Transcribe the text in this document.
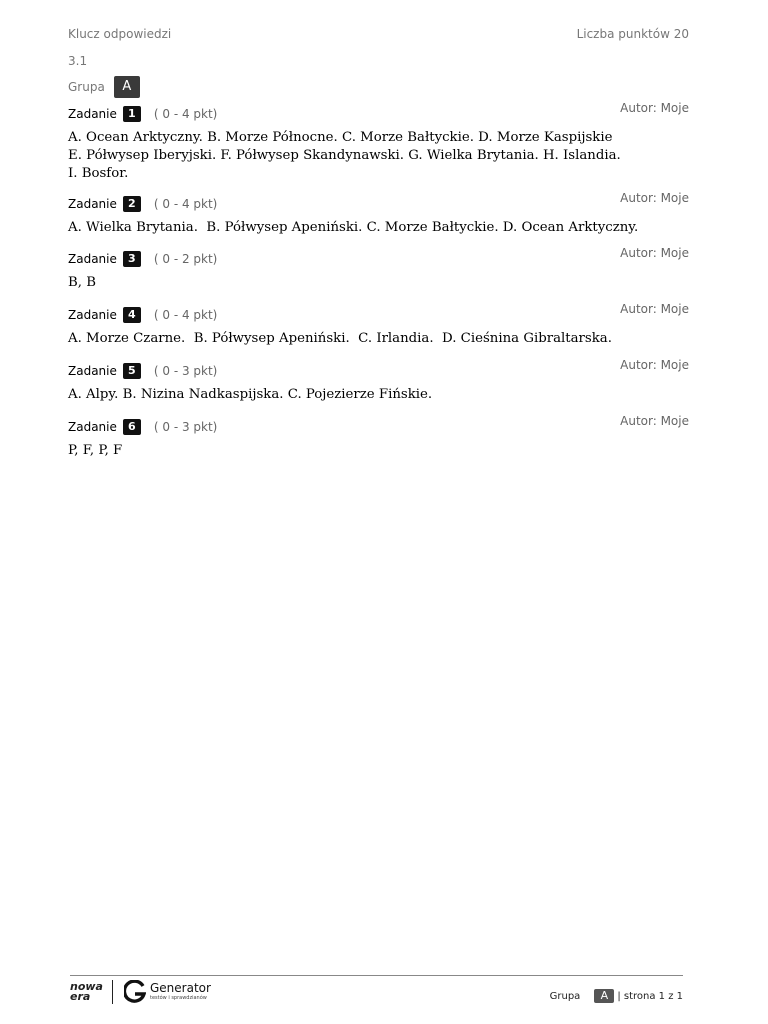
Klucz odpowiedzi	Liczba punktów 20
3.1
Grupa	A
Zadanie	1	( 0 - 4 pkt)	Autor: Moje
A. Ocean Arktyczny. B. Morze Północne. C. Morze Bałtyckie. D. Morze Kaspijskie
E. Półwysep Iberyjski. F. Półwysep Skandynawski. G. Wielka Brytania. H. Islandia.
I. Bosfor.
Zadanie	2	( 0 - 4 pkt)	Autor: Moje
A. Wielka Brytania.  B. Półwysep Apeniński. C. Morze Bałtyckie. D. Ocean Arktyczny.
Zadanie	3	( 0 - 2 pkt)	Autor: Moje
B, B
Zadanie	4	( 0 - 4 pkt)	Autor: Moje
A. Morze Czarne.  B. Półwysep Apeniński.  C. Irlandia.  D. Cieśnina Gibraltarska.
Zadanie	5	( 0 - 3 pkt)	Autor: Moje
A. Alpy. B. Nizina Nadkaspijska. C. Pojezierze Fińskie.
Zadanie	6	( 0 - 3 pkt)	Autor: Moje
P, F, P, F
nowa
era
Generator
testów i sprawdzianów	Grupa	A | strona 1 z 1
